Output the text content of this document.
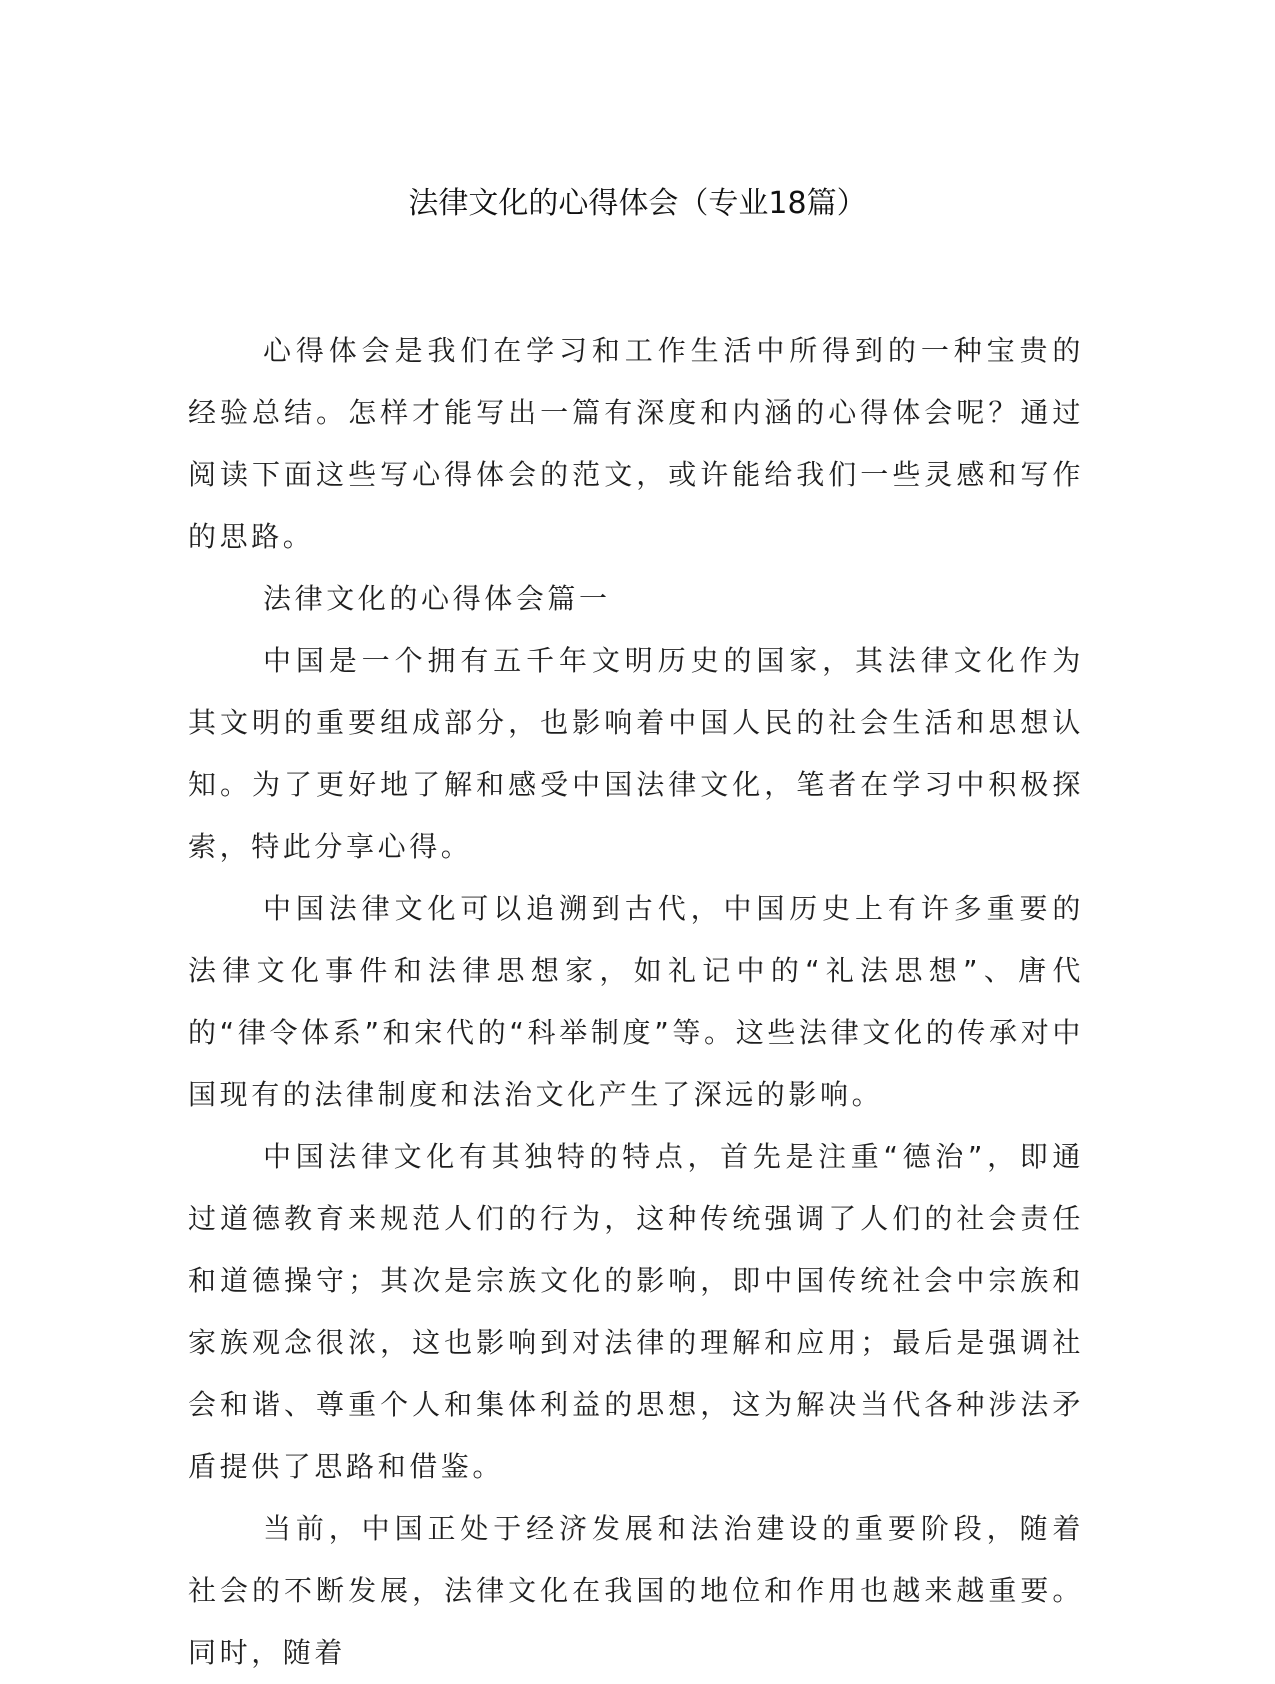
法律文化的心得体会（专业18篇）

心得体会是我们在学习和工作生活中所得到的一种宝贵的经验总结。怎样才能写出一篇有深度和内涵的心得体会呢？通过阅读下面这些写心得体会的范文，或许能给我们一些灵感和写作的思路。

法律文化的心得体会篇一

中国是一个拥有五千年文明历史的国家，其法律文化作为其文明的重要组成部分，也影响着中国人民的社会生活和思想认知。为了更好地了解和感受中国法律文化，笔者在学习中积极探索，特此分享心得。

中国法律文化可以追溯到古代，中国历史上有许多重要的法律文化事件和法律思想家，如礼记中的“礼法思想”、唐代的“律令体系”和宋代的“科举制度”等。这些法律文化的传承对中国现有的法律制度和法治文化产生了深远的影响。

中国法律文化有其独特的特点，首先是注重“德治”，即通过道德教育来规范人们的行为，这种传统强调了人们的社会责任和道德操守；其次是宗族文化的影响，即中国传统社会中宗族和家族观念很浓，这也影响到对法律的理解和应用；最后是强调社会和谐、尊重个人和集体利益的思想，这为解决当代各种涉法矛盾提供了思路和借鉴。

当前，中国正处于经济发展和法治建设的重要阶段，随着社会的不断发展，法律文化在我国的地位和作用也越来越重要。同时，随着
